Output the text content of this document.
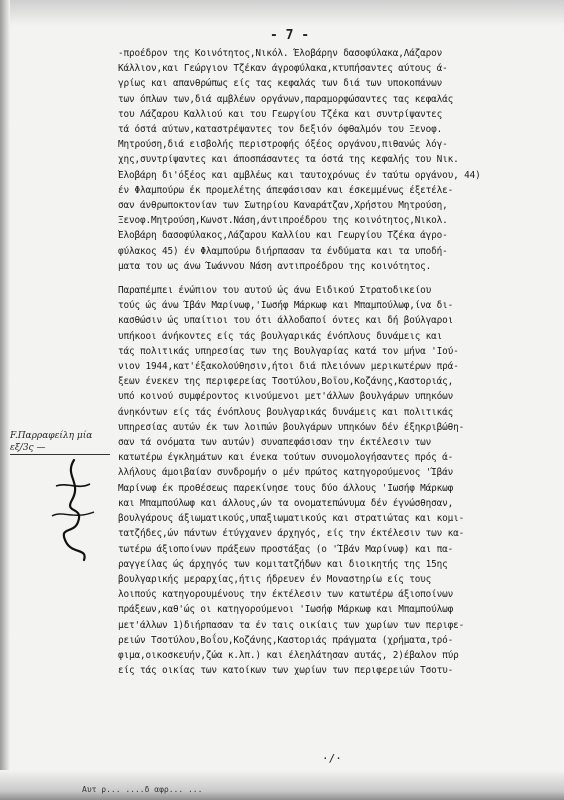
- 7 -
-προέδρον της Κοινότητος,Νικόλ. Έλοβάρην δασοφύλακα,Λάζαρον
Κάλλιον,και Γεώργιον Τζέκαν άγροφύλακα,κτυπήσαντες αύτους ά-
γρίως και απανθρώπως είς τας κεφαλάς των διά των υποκοπάνων
των όπλων των,διά αμβλέων οργάνων,παραμορφώσαντες τας κεφαλάς
του Λάζαρου Καλλιού και του Γεωργίου Τζέκα και συντρίψαντες
τά όστά αύτων,καταστρέψαντες τον δεξιόν όφθαλμόν του Ξενοφ.
Μητρούση,διά εισβολής περιστροφής όξέος οργάνου,πιθανώς λόγ-
χης,συντρίψαντες και άποσπάσαντες τα όστά της κεφαλής του Νικ.
Έλοβάρη δι'όξέος και αμβλέως και ταυτοχρόνως έν ταύτω οργάνου, 44)
έν Φλαμπούρω έκ προμελέτης άπεφάσισαν και έσκεμμένως έξετέλε-
σαν άνθρωποκτονίαν των Σωτηρίου Καναράτζαν,Χρήστου Μητρούση,
Ξενοφ.Μητρούση,Κωνστ.Νάση,άντιπροέδρου της κοινότητος,Νικολ.
Έλοβάρη δασοφύλακος,Λάζαρου Καλλίου και Γεωργίου Τζέκα άγρο-
φύλακος 45) έν Φλαμπούρω διήρπασαν τα ένδύματα και τα υποδή-
ματα του ως άνω Ίωάννου Νάση αντιπροέδρου της κοινότητος.
Παραπέμπει ένώπιον του αυτού ώς άνω Ειδικού Στρατοδικείου
τούς ώς άνω Ίβάν Μαρίνωφ,'Ιωσήφ Μάρκωφ και Μπαμπούλωφ,ίνα δι-
κασθώσιν ώς υπαίτιοι του ότι άλλοδαποί όντες και δή βούλγαροι
υπήκοοι άνήκοντες είς τάς βουλγαρικάς ένόπλους δυνάμεις και
τάς πολιτικάς υπηρεσίας των της Βουλγαρίας κατά τον μήνα 'Ιού-
νιον 1944,κατ'έξακολούθησιν,ήτοι διά πλειόνων μερικωτέρων πρά-
ξεων ένεκεν της περιφερείας Τσοτύλου,Βοϊου,Κοζάνης,Καστοριάς,
υπό κοινού συμφέροντος κινούμενοι μετ'άλλων βουλγάρων υπηκόων
άνηκόντων είς τάς ένόπλους βουλγαρικάς δυνάμεις και πολιτικάς
υπηρεσίας αυτών έκ των λοιπών βουλγάρων υπηκόων δέν έξηκριβώθη-
σαν τά ονόματα των αυτών) συναπεφάσισαν την έκτέλεσιν των
κατωτέρω έγκλημάτων και ένεκα τούτων συνομολογήσαντες πρός ά-
λλήλους άμοιβαίαν συνδρομήν ο μέν πρώτος κατηγορούμενος 'Ίβάν
Μαρίνωφ έκ προθέσεως παρεκίνησε τους δύο άλλους 'Ιωσήφ Μάρκωφ
και Μπαμπούλωφ και άλλους,ών τα ονοματεπώνυμα δέν έγνώσθησαν,
βουλγάρους άξιωματικούς,υπαξιωματικούς και στρατιώτας και κομι-
τατζήδες,ών πάντων έτύγχανεν άρχηγός, είς την έκτέλεσιν των κα-
τωτέρω άξιοποίνων πράξεων προστάξας (ο 'Ίβάν Μαρίνωφ) και πα-
ραγγείλας ώς άρχηγός των κομιτατζήδων και διοικητής της 15ης
βουλγαρικής μεραρχίας,ήτις ήδρευεν έν Μοναστηρίω είς τους
λοιπούς κατηγορουμένους την έκτέλεσιν των κατωτέρω άξιοποίνων
πράξεων,καθ'ώς οι κατηγορούμενοι 'Ιωσήφ Μάρκωφ και Μπαμπούλωφ
μετ'άλλων 1)διήρπασαν τα έν ταις οικίαις των χωρίων των περιφε-
ρειών Τσοτύλου,Βοΐου,Κοζάνης,Καστοριάς πράγματα (χρήματα,τρό-
φιμα,οικοσκευήν,ζώα κ.λπ.) και έλεηλάτησαν αυτάς, 2)έβαλον πύρ
είς τάς οικίας των κατοίκων των χωρίων των περιφερειών Τσοτυ-
F.Παρραφείλη μία
εξ/3ς —
·/·
Αυτ ρ... ....δ αφρ... ...
